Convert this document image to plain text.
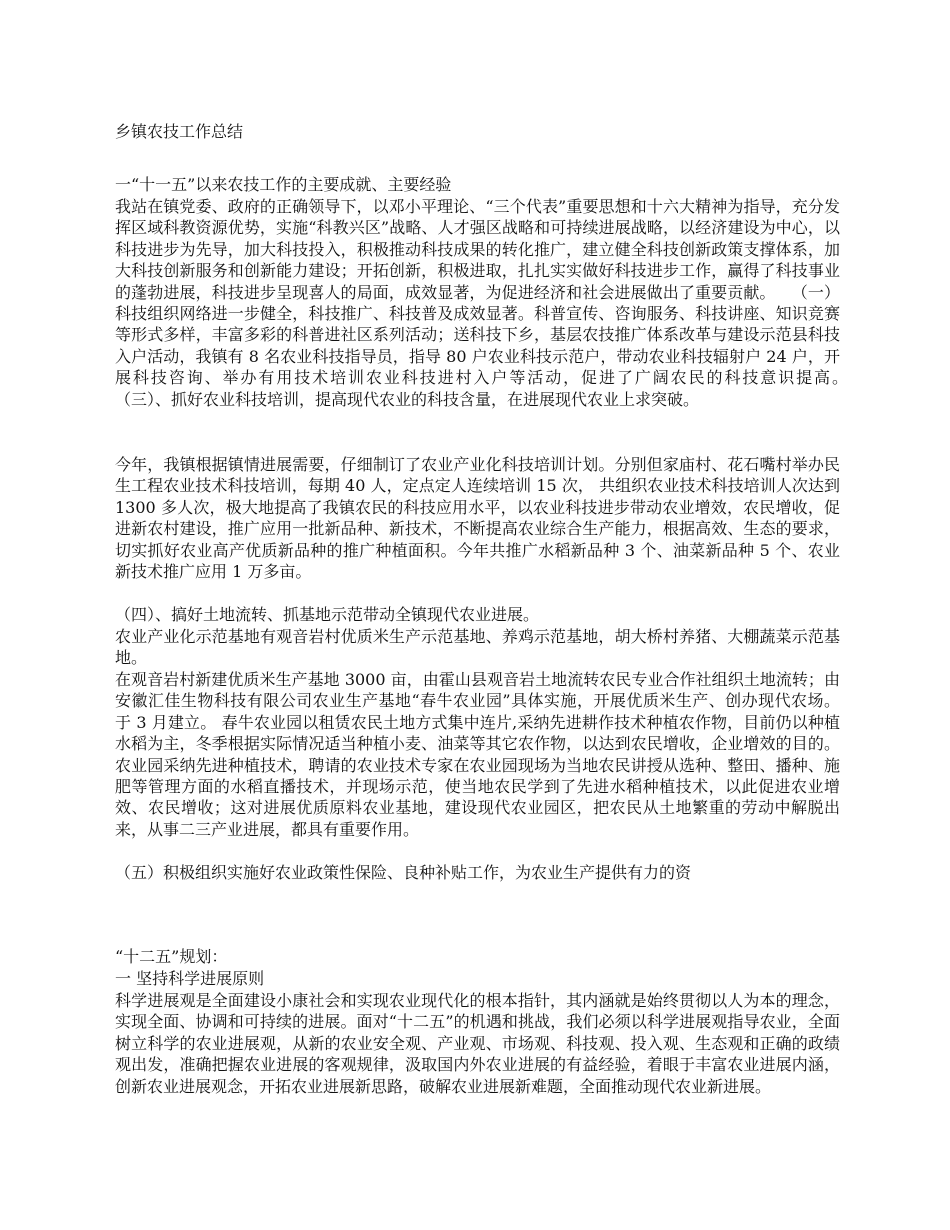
乡镇农技工作总结
一“十一五”以来农技工作的主要成就、主要经验

我站在镇党委、政府的正确领导下，以邓小平理论、“三个代表”重要思想和十六大精神为指导，充分发挥区域科教资源优势，实施“科教兴区”战略、人才强区战略和可持续进展战略，以经济建设为中心，以科技进步为先导，加大科技投入，积极推动科技成果的转化推广，建立健全科技创新政策支撑体系，加大科技创新服务和创新能力建设；开拓创新，积极进取，扎扎实实做好科技进步工作，赢得了科技事业的蓬勃进展，科技进步呈现喜人的局面，成效显著，为促进经济和社会进展做出了重要贡献。　　（一）科技组织网络进一步健全，科技推广、科技普及成效显著。科普宣传、咨询服务、科技讲座、知识竞赛等形式多样，丰富多彩的科普进社区系列活动；送科技下乡，基层农技推广体系改革与建设示范县科技入户活动，我镇有 8 名农业科技指导员，指导 80 户农业科技示范户，带动农业科技辐射户 24 户，开展科技咨询、举办有用技术培训农业科技进村入户等活动，促进了广阔农民的科技意识提高。　　（三）、抓好农业科技培训，提高现代农业的科技含量，在进展现代农业上求突破。

今年，我镇根据镇情进展需要，仔细制订了农业产业化科技培训计划。分别但家庙村、花石嘴村举办民生工程农业技术科技培训，每期 40 人，定点定人连续培训 15 次， 共组织农业技术科技培训人次达到 1300 多人次，极大地提高了我镇农民的科技应用水平，以农业科技进步带动农业增效，农民增收，促进新农村建设，推广应用一批新品种、新技术，不断提高农业综合生产能力，根据高效、生态的要求，切实抓好农业高产优质新品种的推广种植面积。今年共推广水稻新品种 3 个、油菜新品种 5 个、农业新技术推广应用 1 万多亩。

（四）、搞好土地流转、抓基地示范带动全镇现代农业进展。

农业产业化示范基地有观音岩村优质米生产示范基地、养鸡示范基地，胡大桥村养猪、大棚蔬菜示范基地。

在观音岩村新建优质米生产基地 3000 亩，由霍山县观音岩土地流转农民专业合作社组织土地流转；由安徽汇佳生物科技有限公司农业生产基地“春牛农业园”具体实施，开展优质米生产、创办现代农场。 于 3 月建立。 春牛农业园以租赁农民土地方式集中连片,采纳先进耕作技术种植农作物，目前仍以种植水稻为主，冬季根据实际情况适当种植小麦、油菜等其它农作物，以达到农民增收，企业增效的目的。农业园采纳先进种植技术，聘请的农业技术专家在农业园现场为当地农民讲授从选种、整田、播种、施肥等管理方面的水稻直播技术，并现场示范，使当地农民学到了先进水稻种植技术，以此促进农业增效、农民增收；这对进展优质原料农业基地，建设现代农业园区，把农民从土地繁重的劳动中解脱出来，从事二三产业进展，都具有重要作用。

（五）积极组织实施好农业政策性保险、良种补贴工作，为农业生产提供有力的资

“十二五”规划：
一 坚持科学进展原则

科学进展观是全面建设小康社会和实现农业现代化的根本指针，其内涵就是始终贯彻以人为本的理念，实现全面、协调和可持续的进展。面对“十二五”的机遇和挑战，我们必须以科学进展观指导农业，全面树立科学的农业进展观，从新的农业安全观、产业观、市场观、科技观、投入观、生态观和正确的政绩观出发，准确把握农业进展的客观规律，汲取国内外农业进展的有益经验，着眼于丰富农业进展内涵，创新农业进展观念，开拓农业进展新思路，破解农业进展新难题，全面推动现代农业新进展。
